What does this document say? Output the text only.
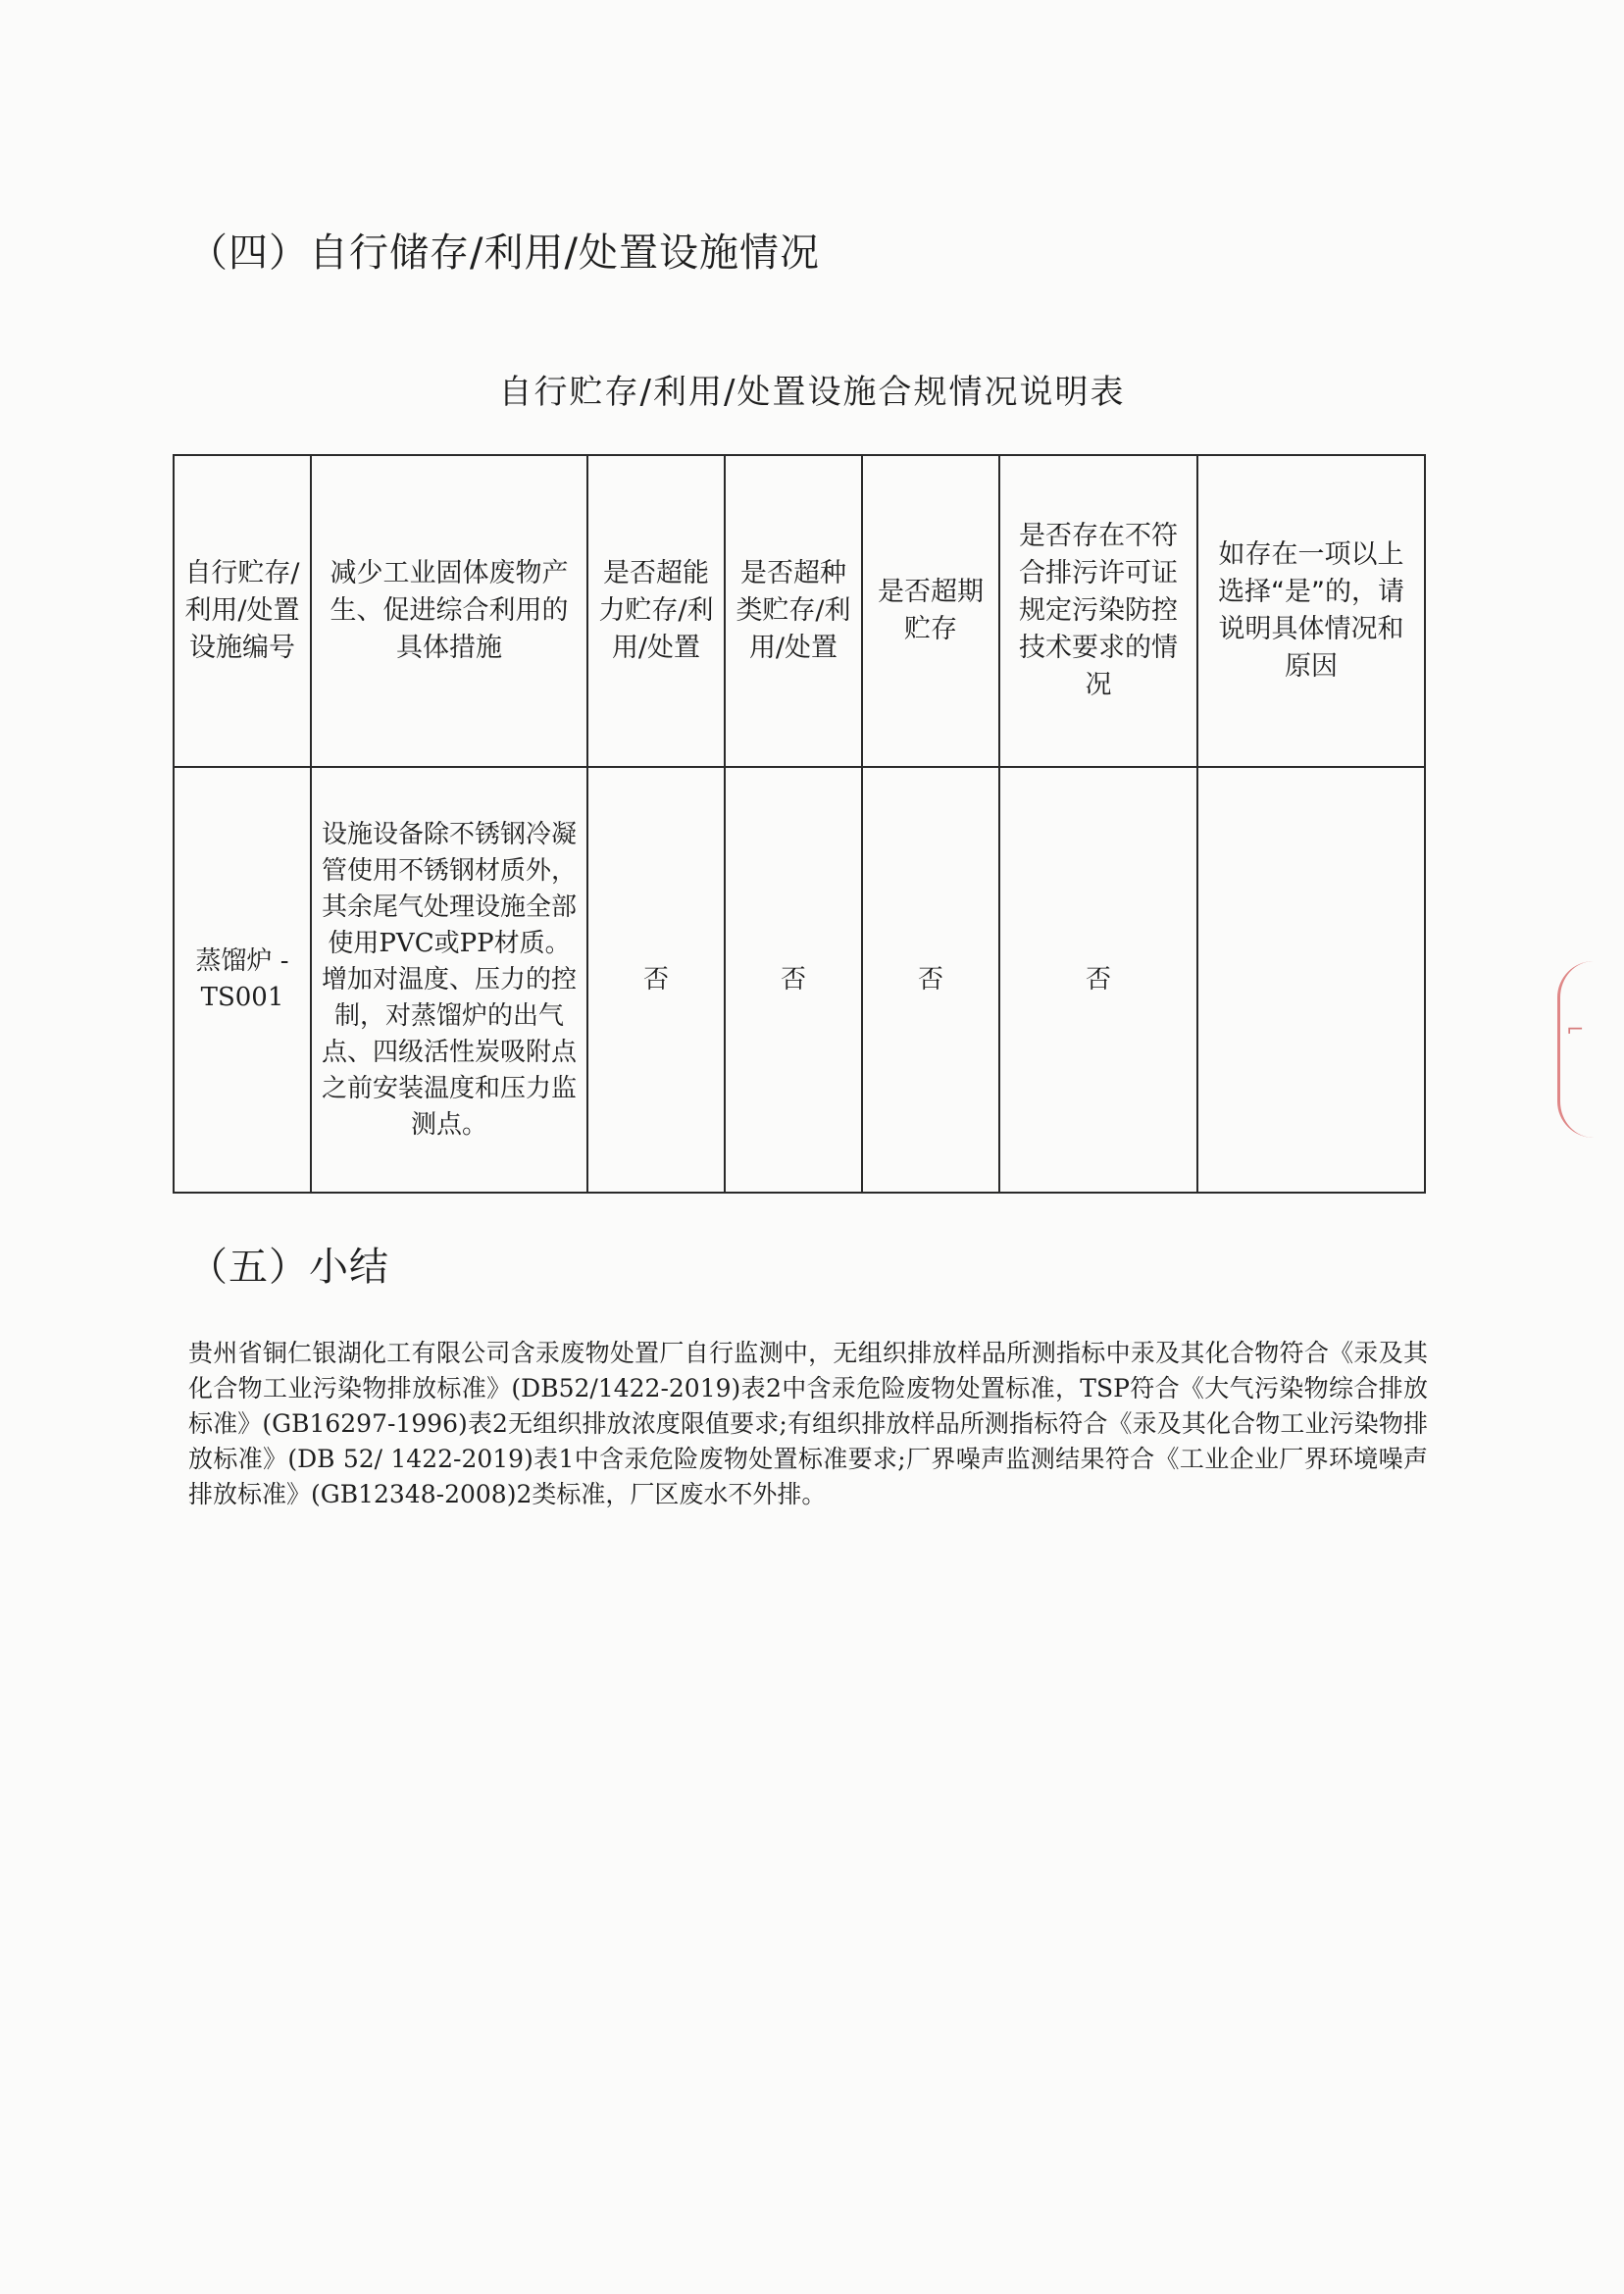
（四）自行储存/利用/处置设施情况
自行贮存/利用/处置设施合规情况说明表
自行贮存/利用/处置设施编号	减少工业固体废物产生、促进综合利用的具体措施	是否超能力贮存/利用/处置	是否超种类贮存/利用/处置	是否超期贮存	是否存在不符合排污许可证规定污染防控技术要求的情况	如存在一项以上选择“是”的，请说明具体情况和原因
蒸馏炉 - TS001	设施设备除不锈钢冷凝管使用不锈钢材质外，其余尾气处理设施全部使用PVC或PP材质。增加对温度、压力的控制，对蒸馏炉的出气点、四级活性炭吸附点之前安装温度和压力监测点。	否	否	否	否	
（五）小结
贵州省铜仁银湖化工有限公司含汞废物处置厂自行监测中，无组织排放样品所测指标中汞及其化合物符合《汞及其化合物工业污染物排放标准》(DB52/1422-2019)表2中含汞危险废物处置标准，TSP符合《大气污染物综合排放标准》(GB16297-1996)表2无组织排放浓度限值要求;有组织排放样品所测指标符合《汞及其化合物工业污染物排放标准》(DB 52/ 1422-2019)表1中含汞危险废物处置标准要求;厂界噪声监测结果符合《工业企业厂界环境噪声排放标准》(GB12348-2008)2类标准，厂区废水不外排。
⌐
